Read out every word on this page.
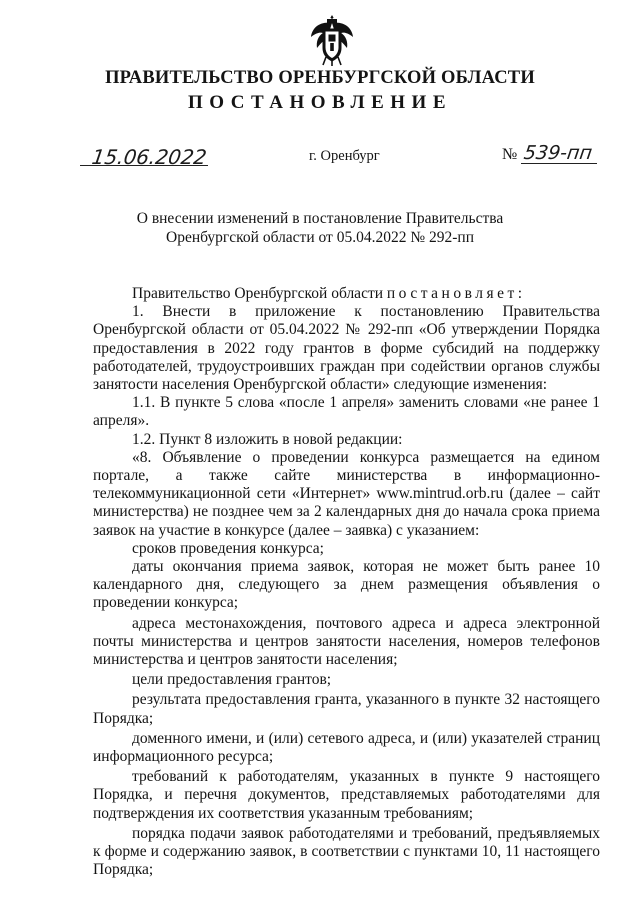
ПРАВИТЕЛЬСТВО ОРЕНБУРГСКОЙ ОБЛАСТИ
ПОСТАНОВЛЕНИЕ
15.06.2022	г. Оренбург	№ 539-пп
О внесении изменений в постановление Правительства
Оренбургской области от 05.04.2022 № 292-пп

Правительство Оренбургской области постановляет:

1. Внести в приложение к постановлению Правительства Оренбургской области от 05.04.2022 № 292-пп «Об утверждении Порядка предоставления в 2022 году грантов в форме субсидий на поддержку работодателей, трудоустроивших граждан при содействии органов службы занятости населения Оренбургской области» следующие изменения:

1.1. В пункте 5 слова «после 1 апреля» заменить словами «не ранее 1 апреля».

1.2. Пункт 8 изложить в новой редакции:

«8. Объявление о проведении конкурса размещается на едином портале, а также сайте министерства в информационно-телекоммуникационной сети «Интернет» www.mintrud.orb.ru (далее – сайт министерства) не позднее чем за 2 календарных дня до начала срока приема заявок на участие в конкурсе (далее – заявка) с указанием:

сроков проведения конкурса;

даты окончания приема заявок, которая не может быть ранее 10 календарного дня, следующего за днем размещения объявления о проведении конкурса;

адреса местонахождения, почтового адреса и адреса электронной почты министерства и центров занятости населения, номеров телефонов министерства и центров занятости населения;

цели предоставления грантов;

результата предоставления гранта, указанного в пункте 32 настоящего Порядка;

доменного имени, и (или) сетевого адреса, и (или) указателей страниц информационного ресурса;

требований к работодателям, указанных в пункте 9 настоящего Порядка, и перечня документов, представляемых работодателями для подтверждения их соответствия указанным требованиям;

порядка подачи заявок работодателями и требований, предъявляемых к форме и содержанию заявок, в соответствии с пунктами 10, 11 настоящего Порядка;
